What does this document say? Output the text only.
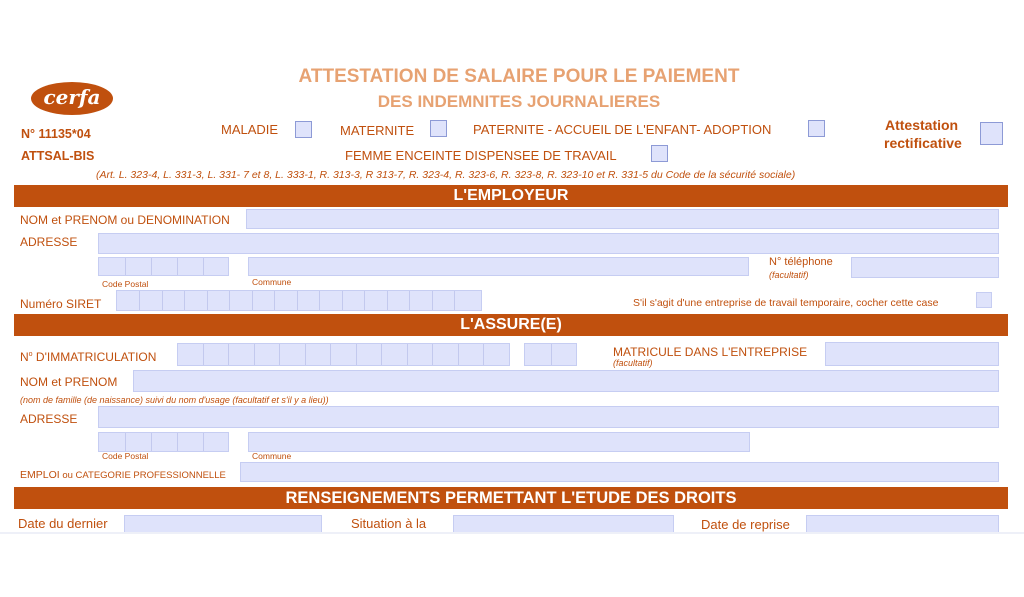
cerfa
ATTESTATION DE SALAIRE POUR LE PAIEMENT
DES INDEMNITES JOURNALIERES
N° 11135*04
ATTSAL-BIS
MALADIE	MATERNITE	PATERNITE - ACCUEIL DE L'ENFANT- ADOPTION
FEMME ENCEINTE DISPENSEE DE TRAVAIL
Attestation
rectificative
(Art. L. 323-4, L. 331-3, L. 331- 7 et 8, L. 333-1, R. 313-3, R 313-7, R. 323-4, R. 323-6, R. 323-8, R. 323-10 et R. 331-5 du Code de la sécurité sociale)
L'EMPLOYEUR
NOM et PRENOM ou DENOMINATION
ADRESSE
Code Postal	Commune
N° téléphone
(facultatif)
Numéro SIRET	S'il s'agit d'une entreprise de travail temporaire, cocher cette case
L'ASSURE(E)
$N^o$ D'IMMATRICULATION	MATRICULE DANS L'ENTREPRISE
(facultatif)
NOM et PRENOM
(nom de famille (de naissance) suivi du nom d'usage (facultatif et s'il y a lieu))
ADRESSE
Code Postal	Commune
EMPLOI ou CATEGORIE PROFESSIONNELLE
RENSEIGNEMENTS PERMETTANT L'ETUDE DES DROITS
Date du dernier	Situation à la	Date de reprise
